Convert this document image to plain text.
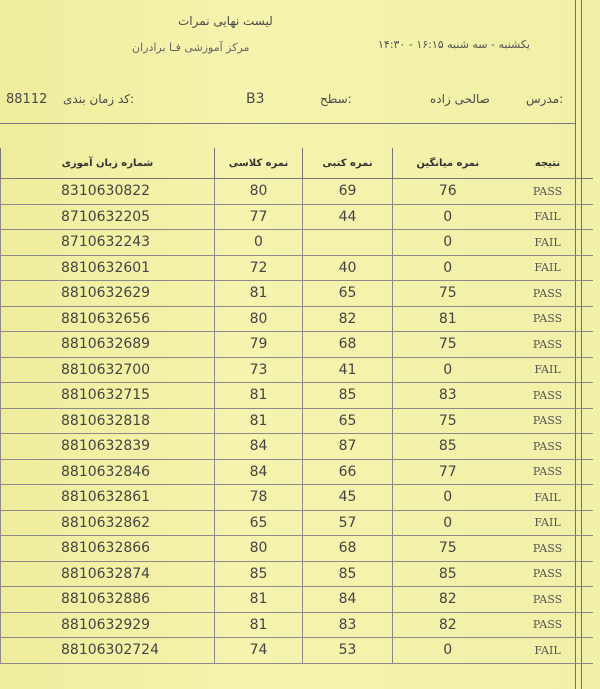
لیست نهایی نمرات
مرکز آموزشی فـا برادران	یکشنبه - سه شنبه ۱۶:۱۵ - ۱۴:۳۰
مدرس:
صالحی زاده
سطح:
B3
کد زمان بندی:
88112
نتیجه	نمره میانگین	نمره کتبی	نمره کلاسی	شماره زبان آموزی
PASS	76	69	80	8310630822
FAIL	0	44	77	8710632205
FAIL	0		0	8710632243
FAIL	0	40	72	8810632601
PASS	75	65	81	8810632629
PASS	81	82	80	8810632656
PASS	75	68	79	8810632689
FAIL	0	41	73	8810632700
PASS	83	85	81	8810632715
PASS	75	65	81	8810632818
PASS	85	87	84	8810632839
PASS	77	66	84	8810632846
FAIL	0	45	78	8810632861
FAIL	0	57	65	8810632862
PASS	75	68	80	8810632866
PASS	85	85	85	8810632874
PASS	82	84	81	8810632886
PASS	82	83	81	8810632929
FAIL	0	53	74	88106302724
